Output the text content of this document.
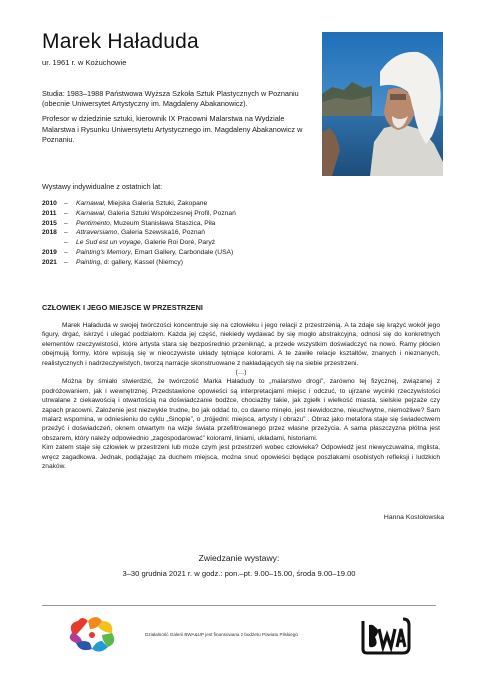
Marek Haładuda
ur. 1961 r. w Kożuchowie

Studia: 1983–1988 Państwowa Wyższa Szkoła Sztuk Plastycznych w Poznaniu (obecnie Uniwersytet Artystyczny im. Magdaleny Abakanowicz).

Profesor w dziedzinie sztuki, kierownik IX Pracowni Malarstwa na Wydziale Malarstwa i Rysunku Uniwersytetu Artystycznego im. Magdaleny Abakanowicz w Poznaniu.

Wystawy indywidualne z ostatnich lat:
2010 – Karnawał, Miejska Galeria Sztuki, Zakopane
2011 – Karnawał, Galeria Sztuki Współczesnej Profil, Poznań
2015 – Pentimento, Muzeum Stanisława Staszica, Piła
2018 – Attraversiamo, Galeria Szewska16, Poznań
– Le Sud est un voyage, Galerie Roi Doré, Paryż
2019 – Painting's Memory, Emart Gallery, Carbondale (USA)
2021 – Painting, d: gallery, Kassel (Niemcy)
CZŁOWIEK I JEGO MIEJSCE W PRZESTRZENI

Marek Haładuda w swojej twórczości koncentruje się na człowieku i jego relacji z przestrzenią. A ta zdaje się krążyć wokół jego figury, drgać, iskrzyć i ulegać podziałom. Każda jej część, niekiedy wydawać by się mogło abstrakcyjna, odnosi się do konkretnych elementów rzeczywistości, które artysta stara się bezpośrednio przeniknąć, a przede wszystkim doświadczyć na nowo. Ramy płócien obejmują formy, które wpisują się w nieoczywiste układy tętniące kolorami. A te zawiłe relacje kształtów, znanych i nieznanych, realistycznych i nadrzeczywistych, tworzą narracje skonstruowane z nakładających się na siebie przestrzeni.

(…)

Można by śmiało stwierdzić, że twórczość Marka Haładudy to „malarstwo drogi”, zarówno tej fizycznej, związanej z podróżowaniem, jak i wewnętrznej. Przedstawione opowieści są interpretacjami miejsc i odczuć, to ujrzane wycinki rzeczywistości utrwalane z ciekawością i otwartością na doświadczanie bodźce, chociażby takie, jak zgiełk i wielkość miasta, sielskie pejzaże czy zapach pracowni. Założenie jest niezwykle trudne, bo jak oddać to, co dawno minęło, jest niewidoczne, nieuchwytne, niemożliwe? Sam malarz wspomina, w odniesieniu do cyklu „Sinopie”, o „trójjedni: miejsca, artysty i obrazu” . Obraz jako metafora staje się świadectwem przeżyć i doświadczeń, oknem otwartym na wizje świata przefiltrowanego przez własne przeżycia. A sama płaszczyzna płótna jest obszarem, który należy odpowiednio „zagospodarować” kolorami, liniami, układami, historiami.

Kim zatem staje się człowiek w przestrzeni lub może czym jest przestrzeń wobec człowieka? Odpowiedź jest niewyczuwalna, mglista, wręcz zagadkowa. Jednak, podążając za duchem miejsca, można snuć opowieści będące poszlakami osobistych refleksji i ludzkich znaków.

Hanna Kostołowska
Zwiedzanie wystawy:
3–30 grudnia 2021 r. w godz.: pon.–pt. 9.00–15.00, środa 9.00–19.00
Działalność Galerii BWA&UP jest finansowana z budżetu Powiatu Pilskiego
